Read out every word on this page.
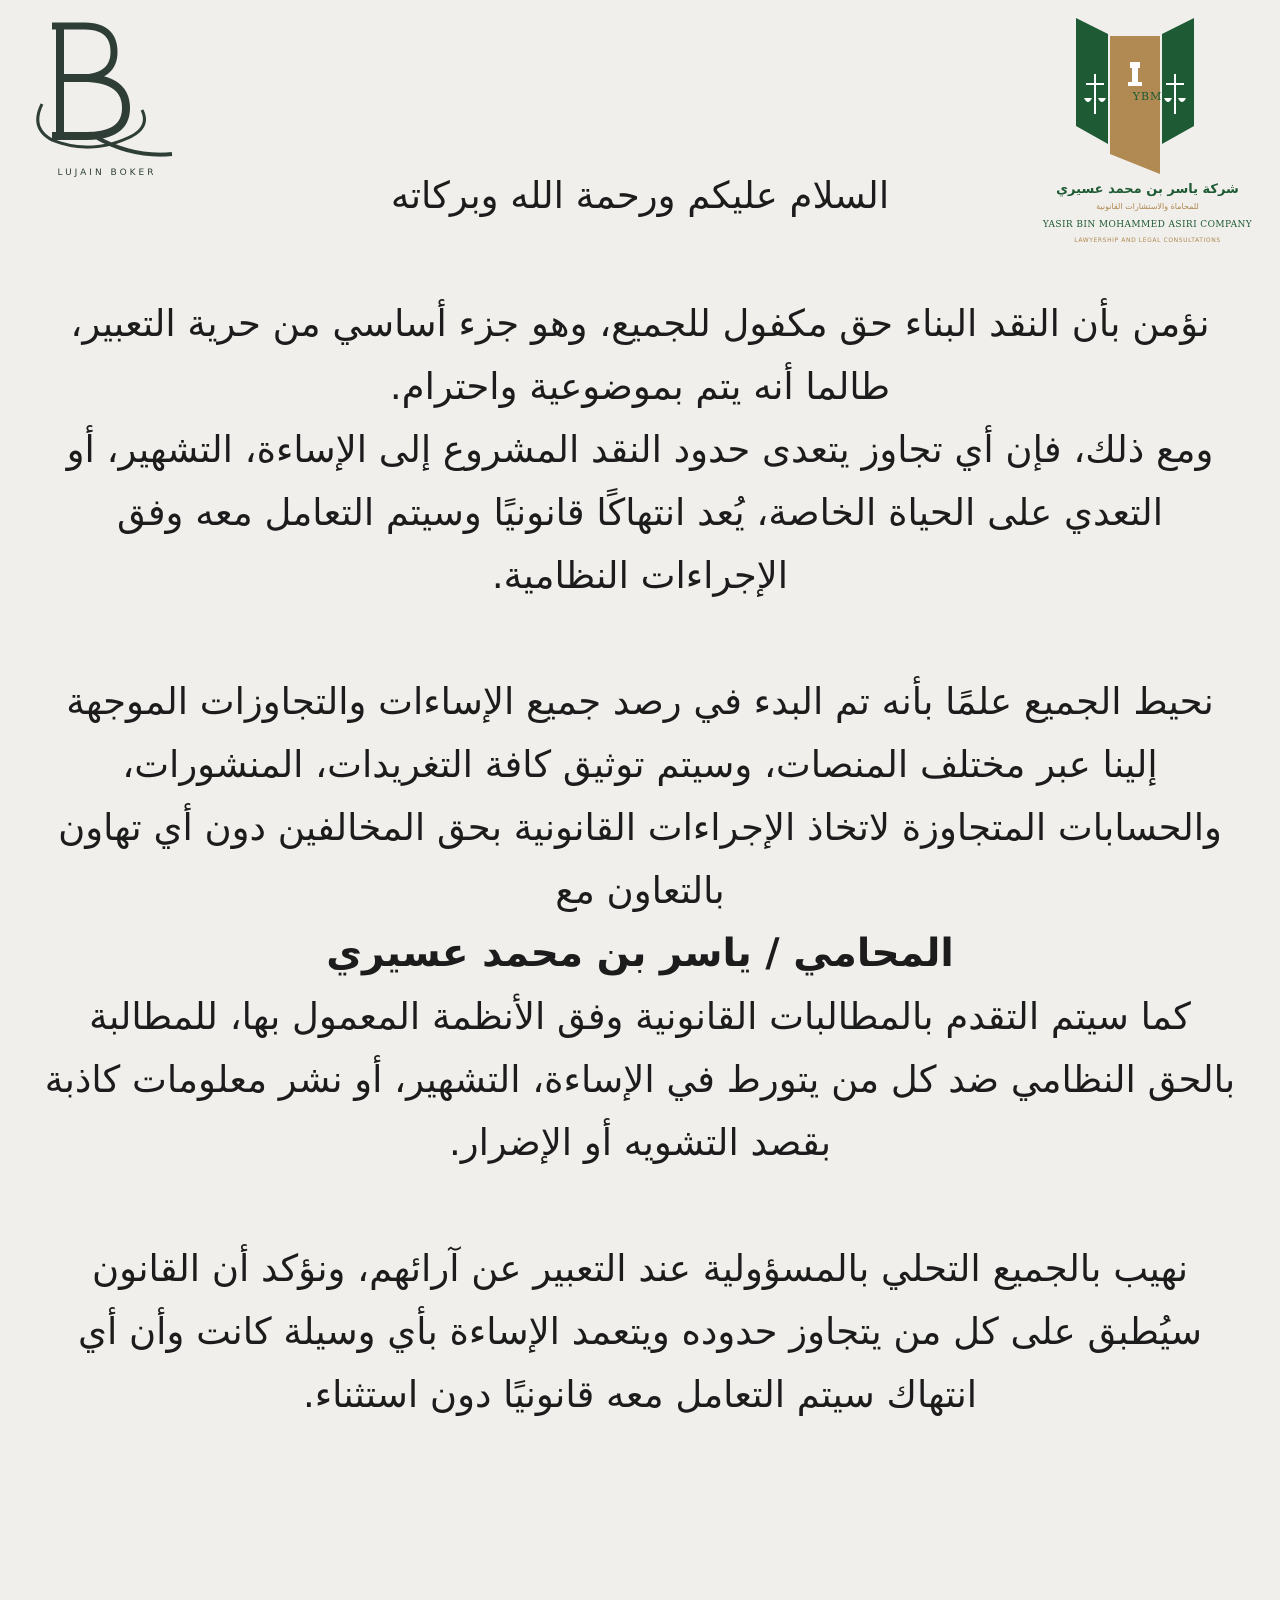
LUJAIN BOKER
YBM
شركة ياسر بن محمد عسيري
للمحاماة والاستشارات القانونية
YASIR BIN MOHAMMED ASIRI COMPANY
LAWYERSHIP AND LEGAL CONSULTATIONS
السلام عليكم ورحمة الله وبركاته

نؤمن بأن النقد البناء حق مكفول للجميع، وهو جزء أساسي من حرية التعبير، طالما أنه يتم بموضوعية واحترام.

ومع ذلك، فإن أي تجاوز يتعدى حدود النقد المشروع إلى الإساءة، التشهير، أو التعدي على الحياة الخاصة، يُعد انتهاكًا قانونيًا وسيتم التعامل معه وفق الإجراءات النظامية.

نحيط الجميع علمًا بأنه تم البدء في رصد جميع الإساءات والتجاوزات الموجهة إلينا عبر مختلف المنصات، وسيتم توثيق كافة التغريدات، المنشورات، والحسابات المتجاوزة لاتخاذ الإجراءات القانونية بحق المخالفين دون أي تهاون بالتعاون مع

المحامي / ياسر بن محمد عسيري

كما سيتم التقدم بالمطالبات القانونية وفق الأنظمة المعمول بها، للمطالبة بالحق النظامي ضد كل من يتورط في الإساءة، التشهير، أو نشر معلومات كاذبة بقصد التشويه أو الإضرار.

نهيب بالجميع التحلي بالمسؤولية عند التعبير عن آرائهم، ونؤكد أن القانون سيُطبق على كل من يتجاوز حدوده ويتعمد الإساءة بأي وسيلة كانت وأن أي انتهاك سيتم التعامل معه قانونيًا دون استثناء.
